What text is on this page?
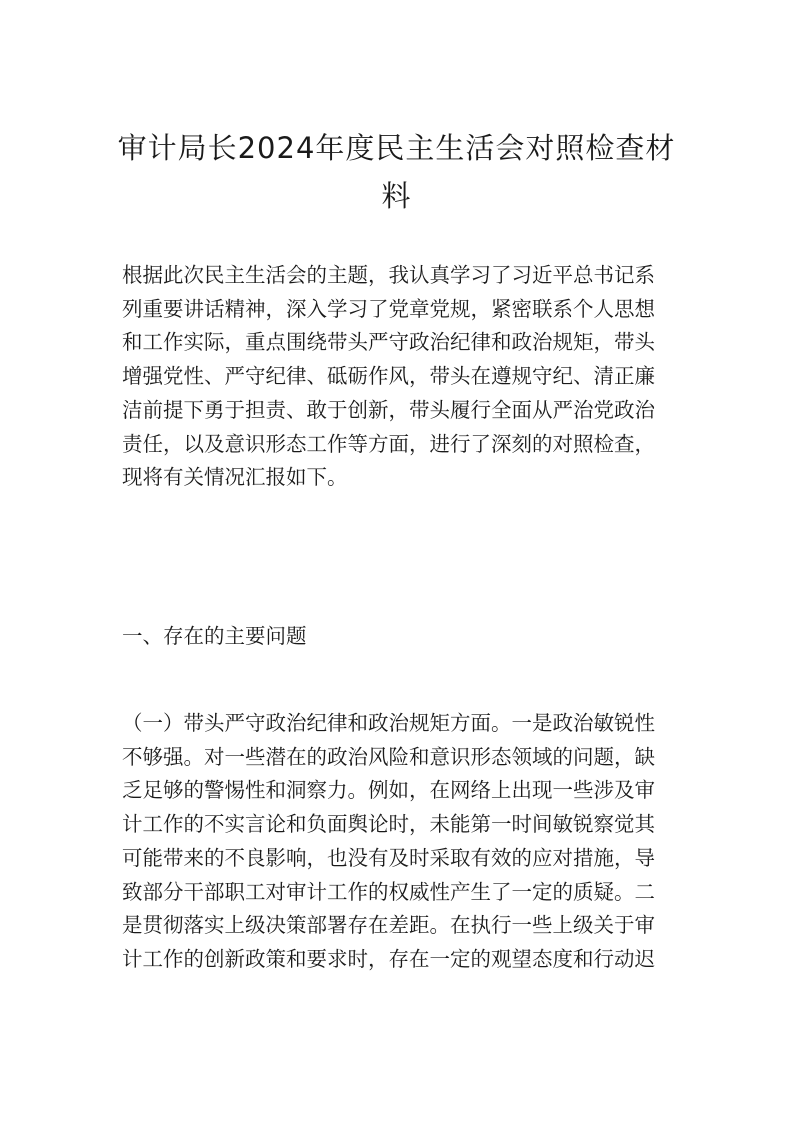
审计局长2024年度民主生活会对照检查材
料

根据此次民主生活会的主题，我认真学习了习近平总书记系
列重要讲话精神，深入学习了党章党规，紧密联系个人思想
和工作实际，重点围绕带头严守政治纪律和政治规矩，带头
增强党性、严守纪律、砥砺作风，带头在遵规守纪、清正廉
洁前提下勇于担责、敢于创新，带头履行全面从严治党政治
责任，以及意识形态工作等方面，进行了深刻的对照检查，
现将有关情况汇报如下。

一、存在的主要问题

（一）带头严守政治纪律和政治规矩方面。一是政治敏锐性
不够强。对一些潜在的政治风险和意识形态领域的问题，缺
乏足够的警惕性和洞察力。例如，在网络上出现一些涉及审
计工作的不实言论和负面舆论时，未能第一时间敏锐察觉其
可能带来的不良影响，也没有及时采取有效的应对措施，导
致部分干部职工对审计工作的权威性产生了一定的质疑。二
是贯彻落实上级决策部署存在差距。在执行一些上级关于审
计工作的创新政策和要求时，存在一定的观望态度和行动迟
